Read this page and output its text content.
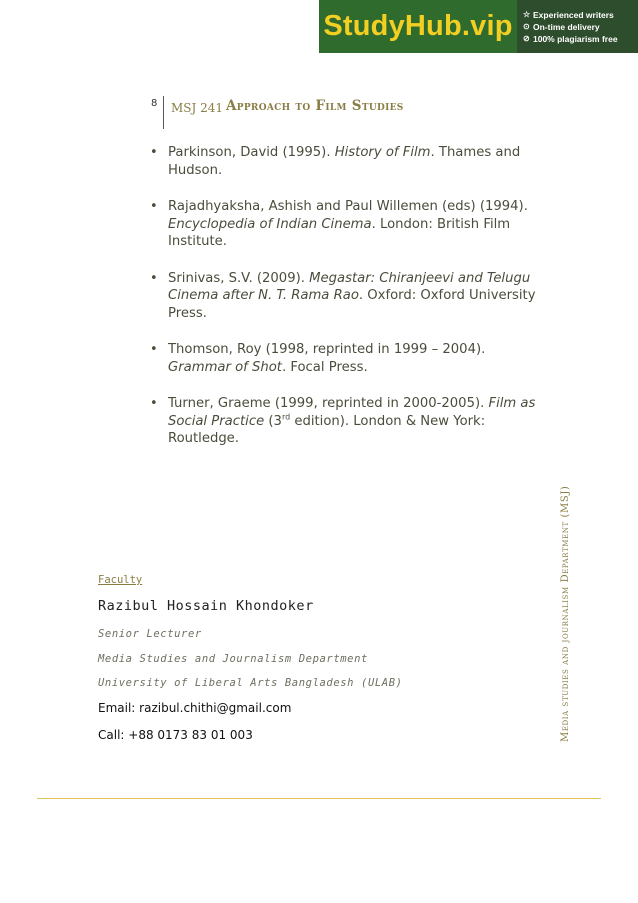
StudyHub.vip ☆ Experienced writers
⊙ On-time delivery
⊘ 100% plagiarism free
8 MSJ 241 Approach to Film Studies
• Parkinson, David (1995). History of Film. Thames and Hudson.
• Rajadhyaksha, Ashish and Paul Willemen (eds) (1994). Encyclopedia of Indian Cinema. London: British Film Institute.
• Srinivas, S.V. (2009). Megastar: Chiranjeevi and Telugu Cinema after N. T. Rama Rao. Oxford: Oxford University Press.
• Thomson, Roy (1998, reprinted in 1999 – 2004). Grammar of Shot. Focal Press.
• Turner, Graeme (1999, reprinted in 2000-2005). Film as Social Practice (3rd edition). London & New York: Routledge.
Faculty
Razibul Hossain Khondoker
Senior Lecturer
Media Studies and Journalism Department
University of Liberal Arts Bangladesh (ULAB)
Email: razibul.chithi@gmail.com
Call: +88 0173 83 01 003	Media studies and journalism Department (MSJ)
